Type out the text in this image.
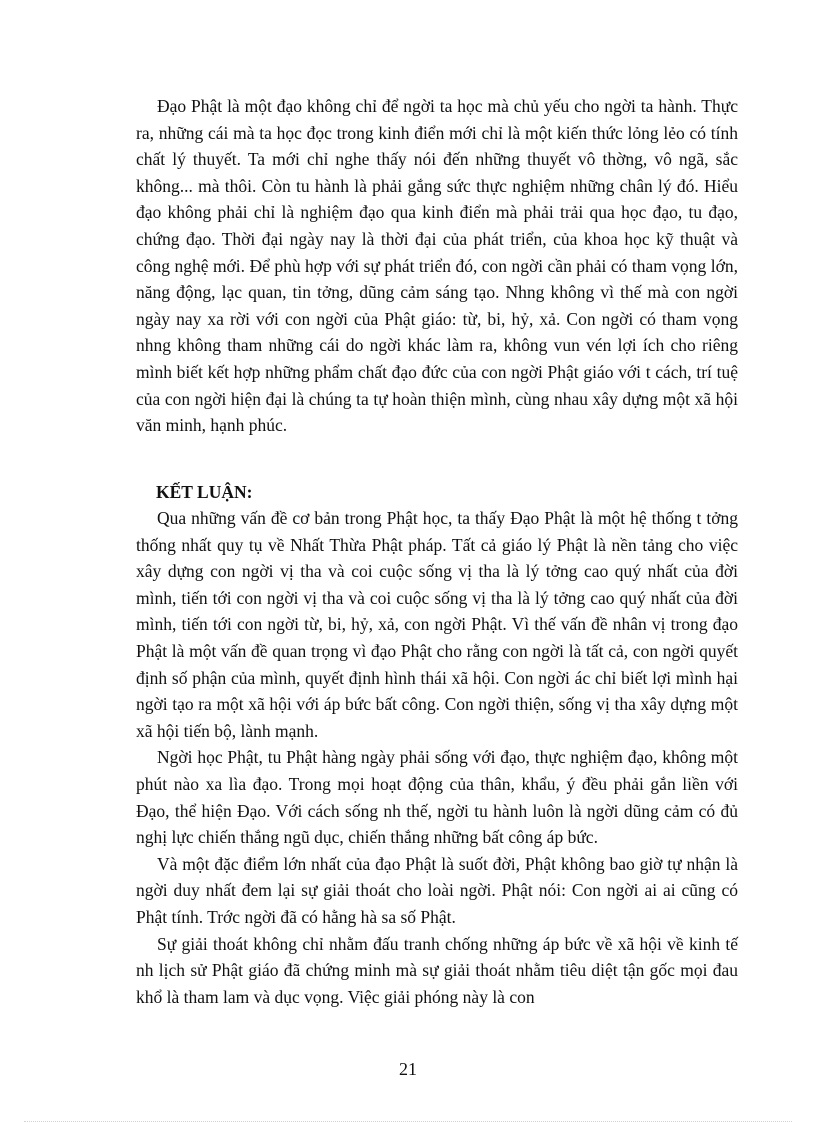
Đạo Phật là một đạo không chỉ để ngời ta học mà chủ yếu cho ngời ta hành. Thực ra, những cái mà ta học đọc trong kinh điển mới chỉ là một kiến thức lỏng lẻo có tính chất lý thuyết. Ta mới chỉ nghe thấy nói đến những thuyết vô thờng, vô ngã, sắc không... mà thôi. Còn tu hành là phải gắng sức thực nghiệm những chân lý đó. Hiểu đạo không phải chỉ là nghiệm đạo qua kinh điển mà phải trải qua học đạo, tu đạo, chứng đạo. Thời đại ngày nay là thời đại của phát triển, của khoa học kỹ thuật và công nghệ mới. Để phù hợp với sự phát triển đó, con ngời cần phải có tham vọng lớn, năng động, lạc quan, tin tởng, dũng cảm sáng tạo. Nhng không vì thế mà con ngời ngày nay xa rời với con ngời của Phật giáo: từ, bi, hỷ, xả. Con ngời có tham vọng nhng không tham những cái do ngời khác làm ra, không vun vén lợi ích cho riêng mình biết kết hợp những phẩm chất đạo đức của con ngời Phật giáo với t cách, trí tuệ của con ngời hiện đại là chúng ta tự hoàn thiện mình, cùng nhau xây dựng một xã hội văn minh, hạnh phúc.

KẾT LUẬN:

Qua những vấn đề cơ bản trong Phật học, ta thấy Đạo Phật là một hệ thống t tởng thống nhất quy tụ về Nhất Thừa Phật pháp. Tất cả giáo lý Phật là nền tảng cho việc xây dựng con ngời vị tha và coi cuộc sống vị tha là lý tởng cao quý nhất của đời mình, tiến tới con ngời vị tha và coi cuộc sống vị tha là lý tởng cao quý nhất của đời mình, tiến tới con ngời từ, bi, hỷ, xả, con ngời Phật. Vì thế vấn đề nhân vị trong đạo Phật là một vấn đề quan trọng vì đạo Phật cho rằng con ngời là tất cả, con ngời quyết định số phận của mình, quyết định hình thái xã hội. Con ngời ác chỉ biết lợi mình hại ngời tạo ra một xã hội với áp bức bất công. Con ngời thiện, sống vị tha xây dựng một xã hội tiến bộ, lành mạnh.

Ngời học Phật, tu Phật hàng ngày phải sống với đạo, thực nghiệm đạo, không một phút nào xa lìa đạo. Trong mọi hoạt động của thân, khẩu, ý đều phải gắn liền với Đạo, thể hiện Đạo. Với cách sống nh thế, ngời tu hành luôn là ngời dũng cảm có đủ nghị lực chiến thắng ngũ dục, chiến thắng những bất công áp bức.

Và một đặc điểm lớn nhất của đạo Phật là suốt đời, Phật không bao giờ tự nhận là ngời duy nhất đem lại sự giải thoát cho loài ngời. Phật nói: Con ngời ai ai cũng có Phật tính. Trớc ngời đã có hằng hà sa số Phật.

Sự giải thoát không chỉ nhằm đấu tranh chống những áp bức về xã hội về kinh tế nh lịch sử Phật giáo đã chứng minh mà sự giải thoát nhằm tiêu diệt tận gốc mọi đau khổ là tham lam và dục vọng. Việc giải phóng này là con

21
